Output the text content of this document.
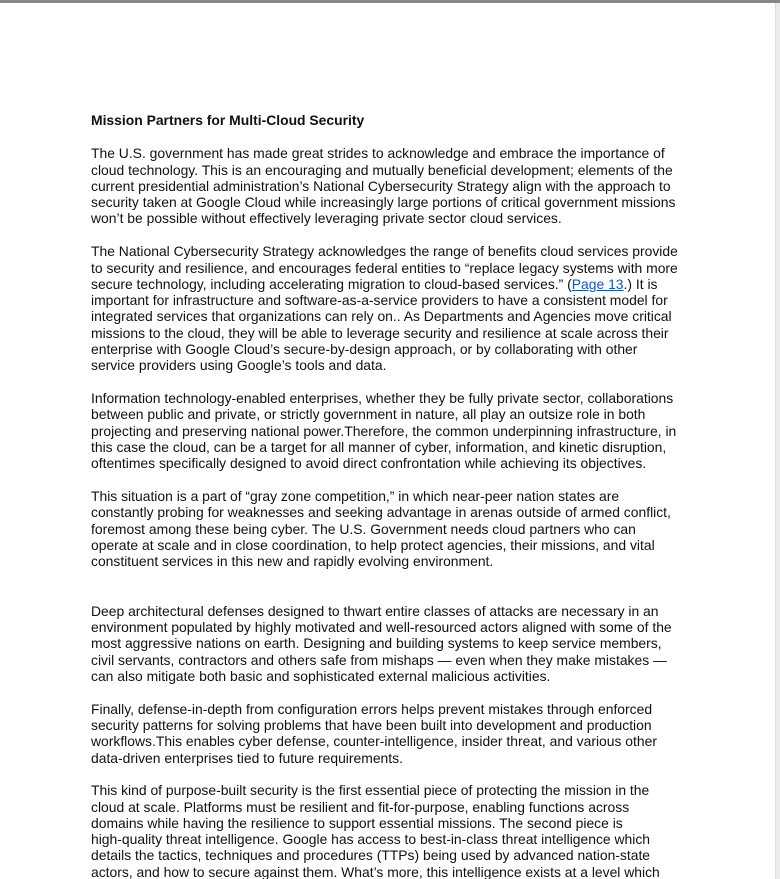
Mission Partners for Multi-Cloud Security
The U.S. government has made great strides to acknowledge and embrace the importance of
cloud technology. This is an encouraging and mutually beneficial development; elements of the
current presidential administration’s National Cybersecurity Strategy align with the approach to
security taken at Google Cloud while increasingly large portions of critical government missions
won’t be possible without effectively leveraging private sector cloud services.
The National Cybersecurity Strategy acknowledges the range of benefits cloud services provide
to security and resilience, and encourages federal entities to “replace legacy systems with more
secure technology, including accelerating migration to cloud-based services.” (Page 13.) It is
important for infrastructure and software-as-a-service providers to have a consistent model for
integrated services that organizations can rely on.. As Departments and Agencies move critical
missions to the cloud, they will be able to leverage security and resilience at scale across their
enterprise with Google Cloud’s secure-by-design approach, or by collaborating with other
service providers using Google’s tools and data.
Information technology-enabled enterprises, whether they be fully private sector, collaborations
between public and private, or strictly government in nature, all play an outsize role in both
projecting and preserving national power.Therefore, the common underpinning infrastructure, in
this case the cloud, can be a target for all manner of cyber, information, and kinetic disruption,
oftentimes specifically designed to avoid direct confrontation while achieving its objectives.
This situation is a part of “gray zone competition,” in which near-peer nation states are
constantly probing for weaknesses and seeking advantage in arenas outside of armed conflict,
foremost among these being cyber. The U.S. Government needs cloud partners who can
operate at scale and in close coordination, to help protect agencies, their missions, and vital
constituent services in this new and rapidly evolving environment.
Deep architectural defenses designed to thwart entire classes of attacks are necessary in an
environment populated by highly motivated and well-resourced actors aligned with some of the
most aggressive nations on earth. Designing and building systems to keep service members,
civil servants, contractors and others safe from mishaps — even when they make mistakes —
can also mitigate both basic and sophisticated external malicious activities.
Finally, defense-in-depth from configuration errors helps prevent mistakes through enforced
security patterns for solving problems that have been built into development and production
workflows.This enables cyber defense, counter-intelligence, insider threat, and various other
data-driven enterprises tied to future requirements.
This kind of purpose-built security is the first essential piece of protecting the mission in the
cloud at scale. Platforms must be resilient and fit-for-purpose, enabling functions across
domains while having the resilience to support essential missions. The second piece is
high-quality threat intelligence. Google has access to best-in-class threat intelligence which
details the tactics, techniques and procedures (TTPs) being used by advanced nation-state
actors, and how to secure against them. What’s more, this intelligence exists at a level which
